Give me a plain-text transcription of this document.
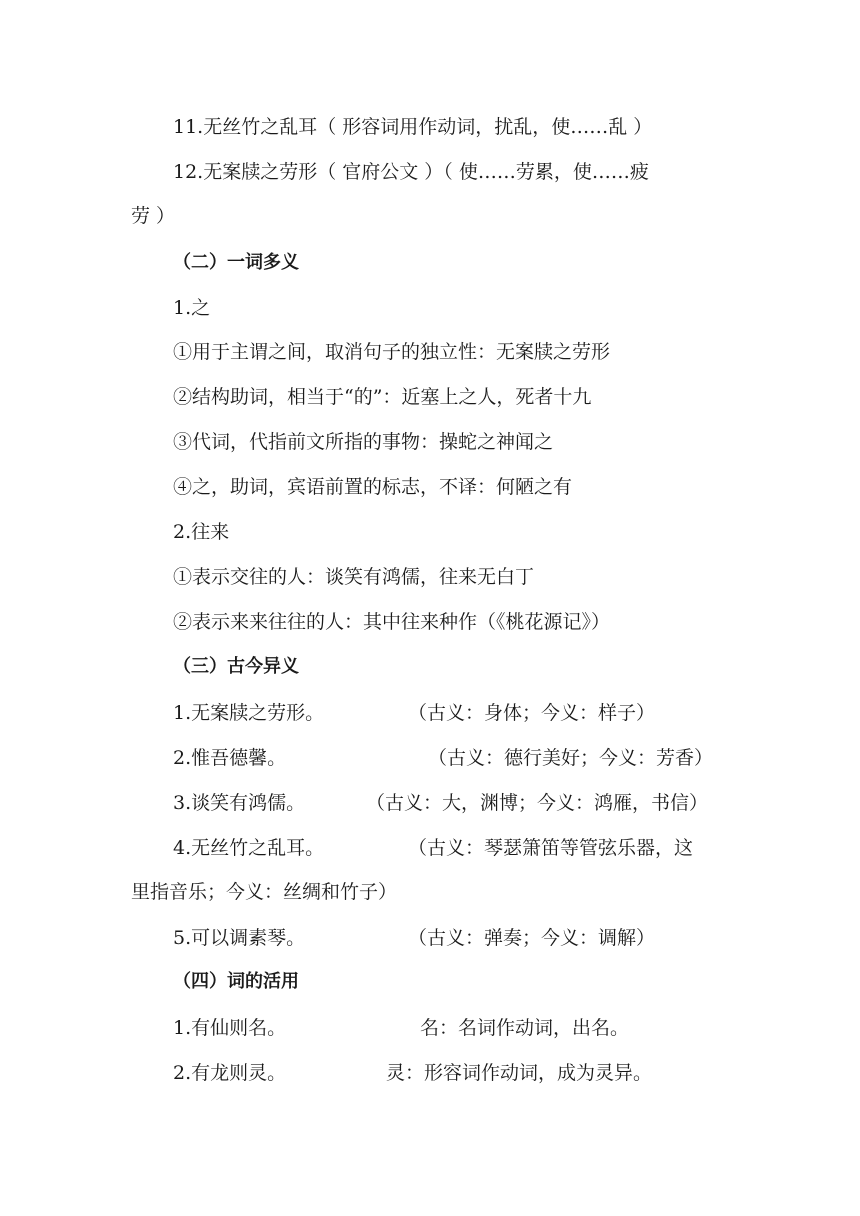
11.无丝竹之乱耳（ 形容词用作动词，扰乱，使……乱 ）
12.无案牍之劳形（ 官府公文 ）（ 使……劳累，使……疲
劳 ）
（二）一词多义
1.之
①用于主谓之间，取消句子的独立性：无案牍之劳形
②结构助词，相当于“的”：近塞上之人，死者十九
③代词，代指前文所指的事物：操蛇之神闻之
④之，助词，宾语前置的标志，不译：何陋之有
2.往来
①表示交往的人：谈笑有鸿儒，往来无白丁
②表示来来往往的人：其中往来种作（《桃花源记》）
（三）古今异义
1.无案牍之劳形。	（古义：身体；今义：样子）
2.惟吾德馨。	（古义：德行美好；今义：芳香）
3.谈笑有鸿儒。	（古义：大，渊博；今义：鸿雁，书信）
4.无丝竹之乱耳。	（古义：琴瑟箫笛等管弦乐器，这
里指音乐；今义：丝绸和竹子）
5.可以调素琴。	（古义：弹奏；今义：调解）
（四）词的活用
1.有仙则名。	名：名词作动词，出名。
2.有龙则灵。	灵：形容词作动词，成为灵异。
